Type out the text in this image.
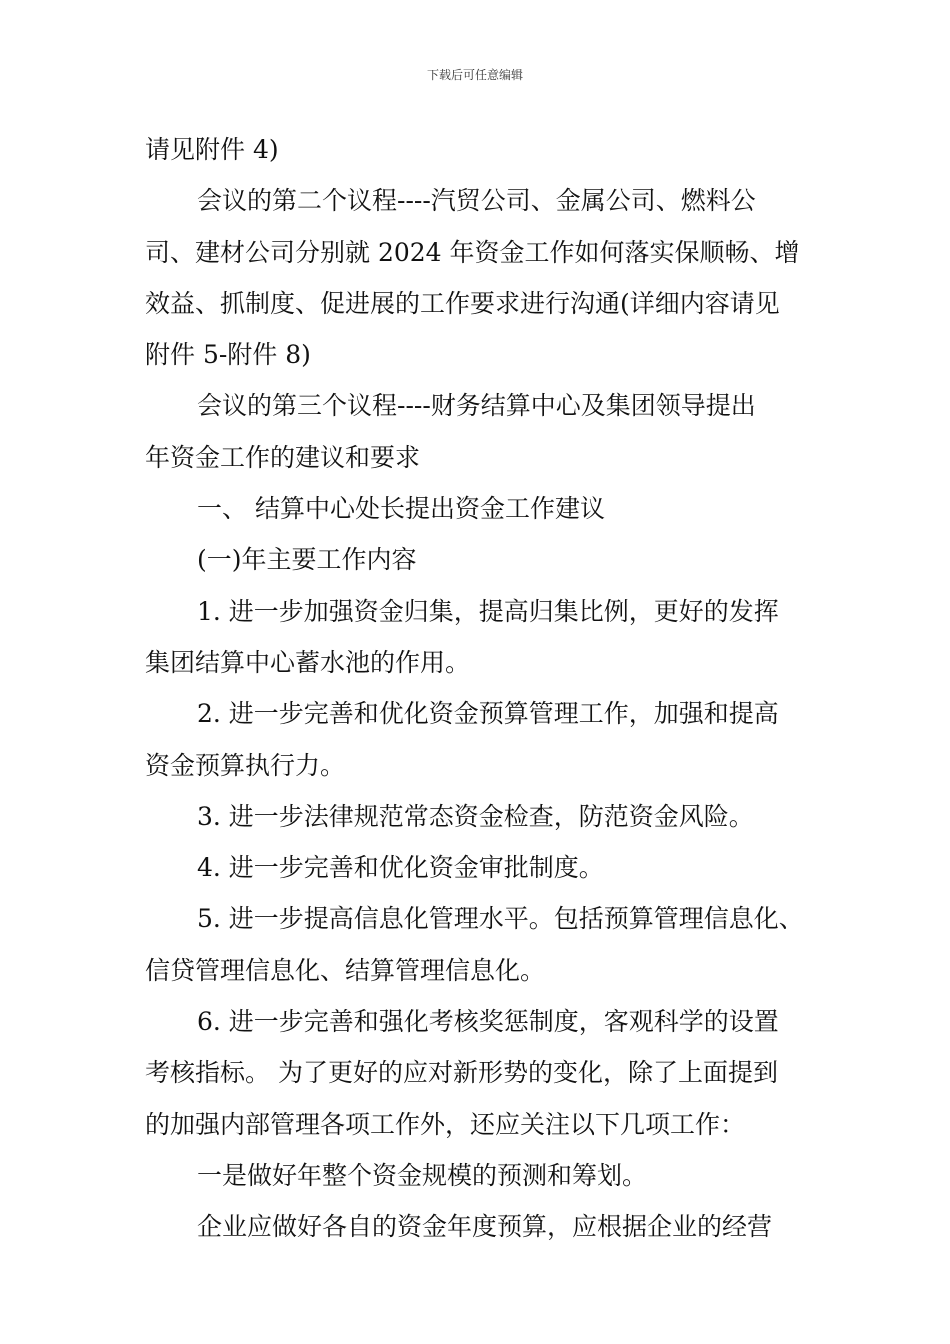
下载后可任意编辑
请见附件 4)
会议的第二个议程----汽贸公司、金属公司、燃料公
司、建材公司分别就 2024 年资金工作如何落实保顺畅、增
效益、抓制度、促进展的工作要求进行沟通(详细内容请见
附件 5-附件 8)
会议的第三个议程----财务结算中心及集团领导提出
年资金工作的建议和要求
一、 结算中心处长提出资金工作建议
(一)年主要工作内容
1. 进一步加强资金归集，提高归集比例，更好的发挥
集团结算中心蓄水池的作用。
2. 进一步完善和优化资金预算管理工作，加强和提高
资金预算执行力。
3. 进一步法律规范常态资金检查，防范资金风险。
4. 进一步完善和优化资金审批制度。
5. 进一步提高信息化管理水平。包括预算管理信息化、
信贷管理信息化、结算管理信息化。
6. 进一步完善和强化考核奖惩制度，客观科学的设置
考核指标。 为了更好的应对新形势的变化，除了上面提到
的加强内部管理各项工作外，还应关注以下几项工作：
一是做好年整个资金规模的预测和筹划。
企业应做好各自的资金年度预算，应根据企业的经营
